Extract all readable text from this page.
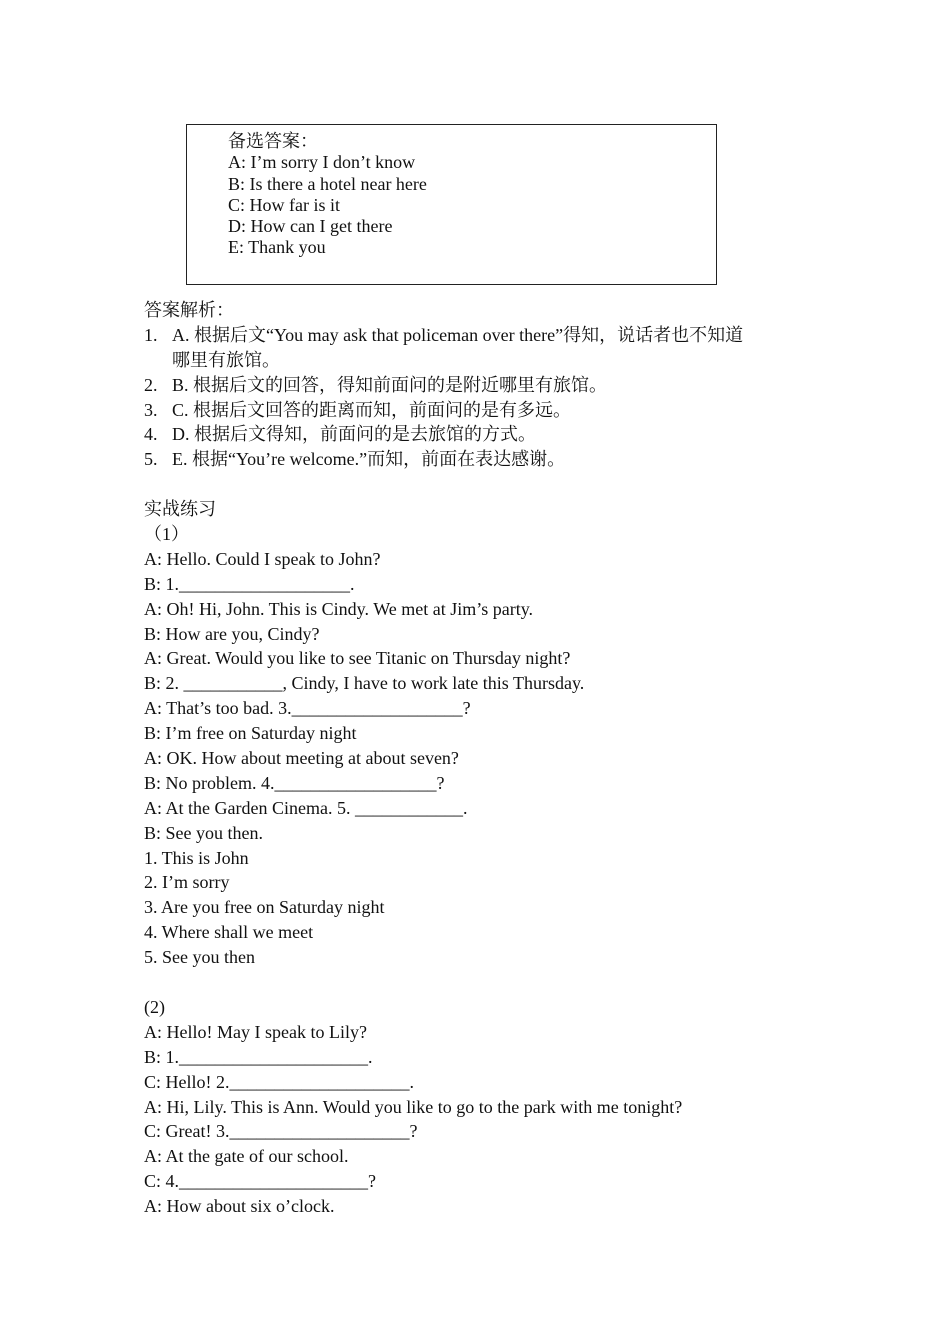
备选答案：
A: I’m sorry I don’t know
B: Is there a hotel near here
C: How far is it
D: How can I get there
E: Thank you
答案解析：
1. A. 根据后文“You may ask that policeman over there”得知，说话者也不知道
哪里有旅馆。
2. B. 根据后文的回答，得知前面问的是附近哪里有旅馆。
3. C. 根据后文回答的距离而知，前面问的是有多远。
4. D. 根据后文得知，前面问的是去旅馆的方式。
5. E. 根据“You’re welcome.”而知，前面在表达感谢。
实战练习
（1）
A: Hello. Could I speak to John?
B: 1.___________________.
A: Oh! Hi, John. This is Cindy. We met at Jim’s party.
B: How are you, Cindy?
A: Great. Would you like to see Titanic on Thursday night?
B: 2. ___________, Cindy, I have to work late this Thursday.
A: That’s too bad. 3.___________________?
B: I’m free on Saturday night
A: OK. How about meeting at about seven?
B: No problem. 4.__________________?
A: At the Garden Cinema. 5. ____________.
B: See you then.
1. This is John
2. I’m sorry
3. Are you free on Saturday night
4. Where shall we meet
5. See you then
(2)
A: Hello! May I speak to Lily?
B: 1._____________________.
C: Hello! 2.____________________.
A: Hi, Lily. This is Ann. Would you like to go to the park with me tonight?
C: Great! 3.____________________?
A: At the gate of our school.
C: 4._____________________?
A: How about six o’clock.
